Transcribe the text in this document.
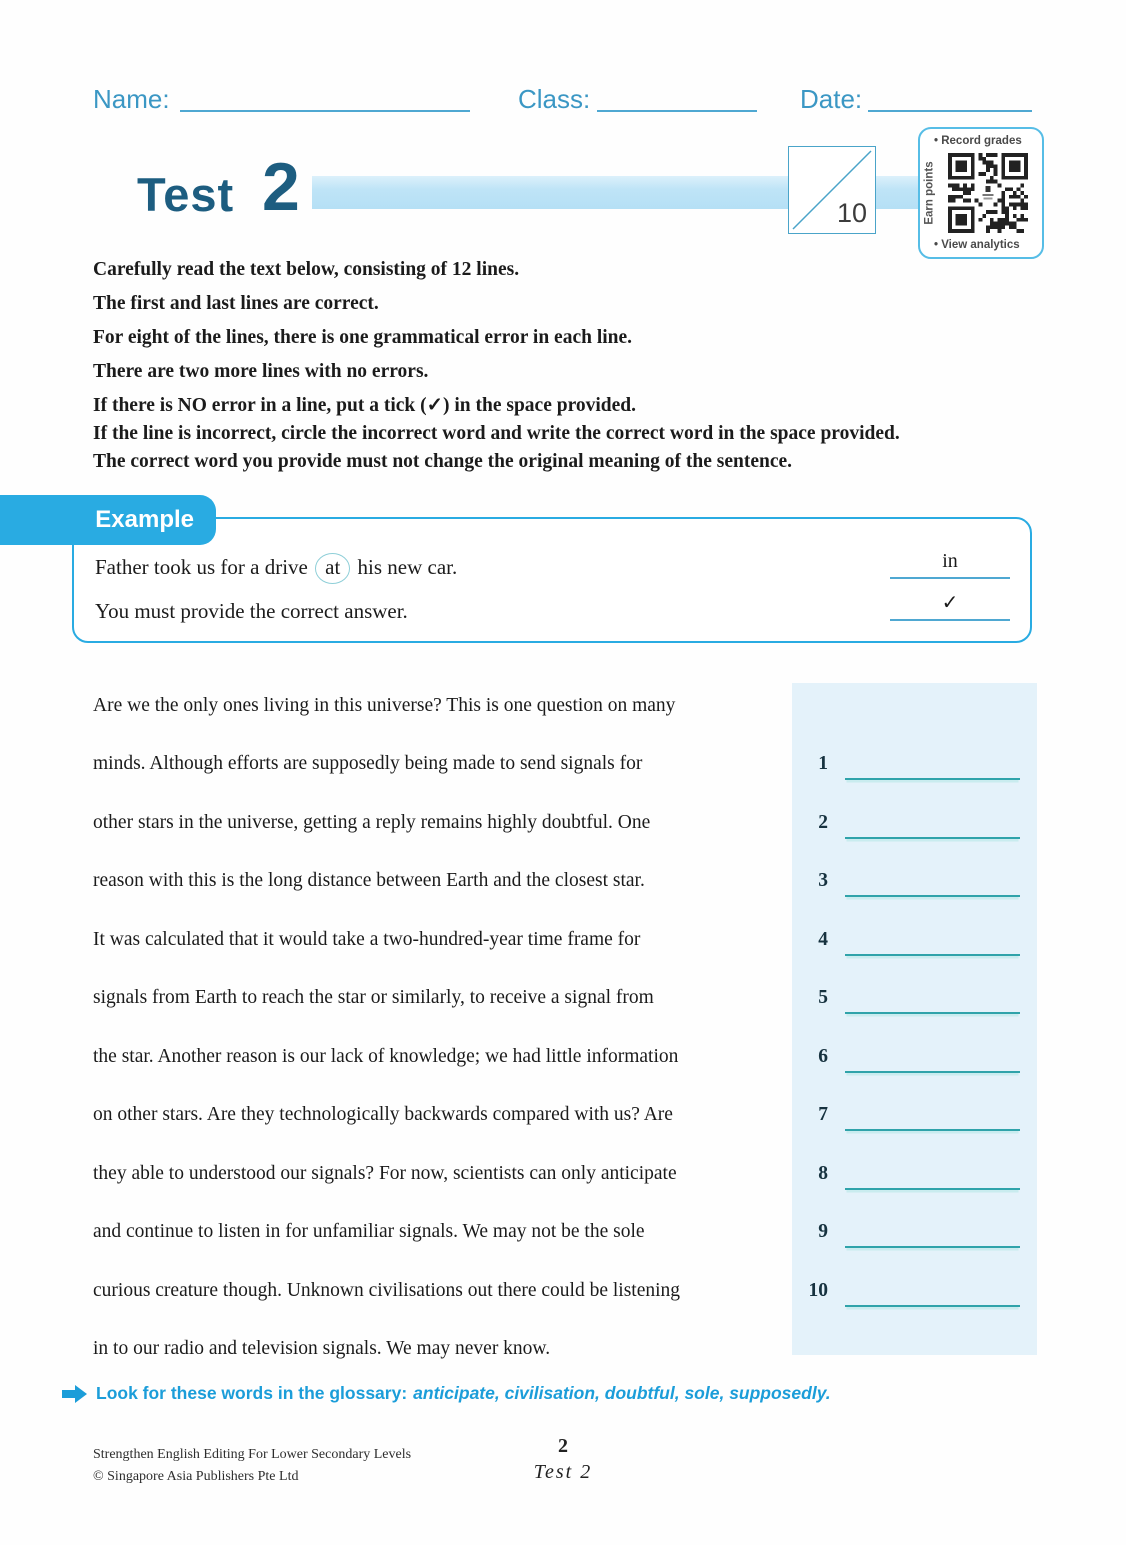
Name:	Class:	Date:
Test 2	10
• Record grades
Earn points
• View analytics
Carefully read the text below, consisting of 12 lines.
The first and last lines are correct.
For eight of the lines, there is one grammatical error in each line.
There are two more lines with no errors.
If there is NO error in a line, put a tick (✓) in the space provided.
If the line is incorrect, circle the incorrect word and write the correct word in the space provided.
The correct word you provide must not change the original meaning of the sentence.
Example
Father took us for a drive at his new car.	in
You must provide the correct answer.	✓
Are we the only ones living in this universe? This is one question on many
minds. Although efforts are supposedly being made to send signals for	1
other stars in the universe, getting a reply remains highly doubtful. One	2
reason with this is the long distance between Earth and the closest star.	3
It was calculated that it would take a two-hundred-year time frame for	4
signals from Earth to reach the star or similarly, to receive a signal from	5
the star. Another reason is our lack of knowledge; we had little information	6
on other stars. Are they technologically backwards compared with us? Are	7
they able to understood our signals? For now, scientists can only anticipate	8
and continue to listen in for unfamiliar signals. We may not be the sole	9
curious creature though. Unknown civilisations out there could be listening	10
in to our radio and television signals. We may never know.
Look for these words in the glossary: anticipate, civilisation, doubtful, sole, supposedly.
Strengthen English Editing For Lower Secondary Levels
© Singapore Asia Publishers Pte Ltd
2
Test 2
